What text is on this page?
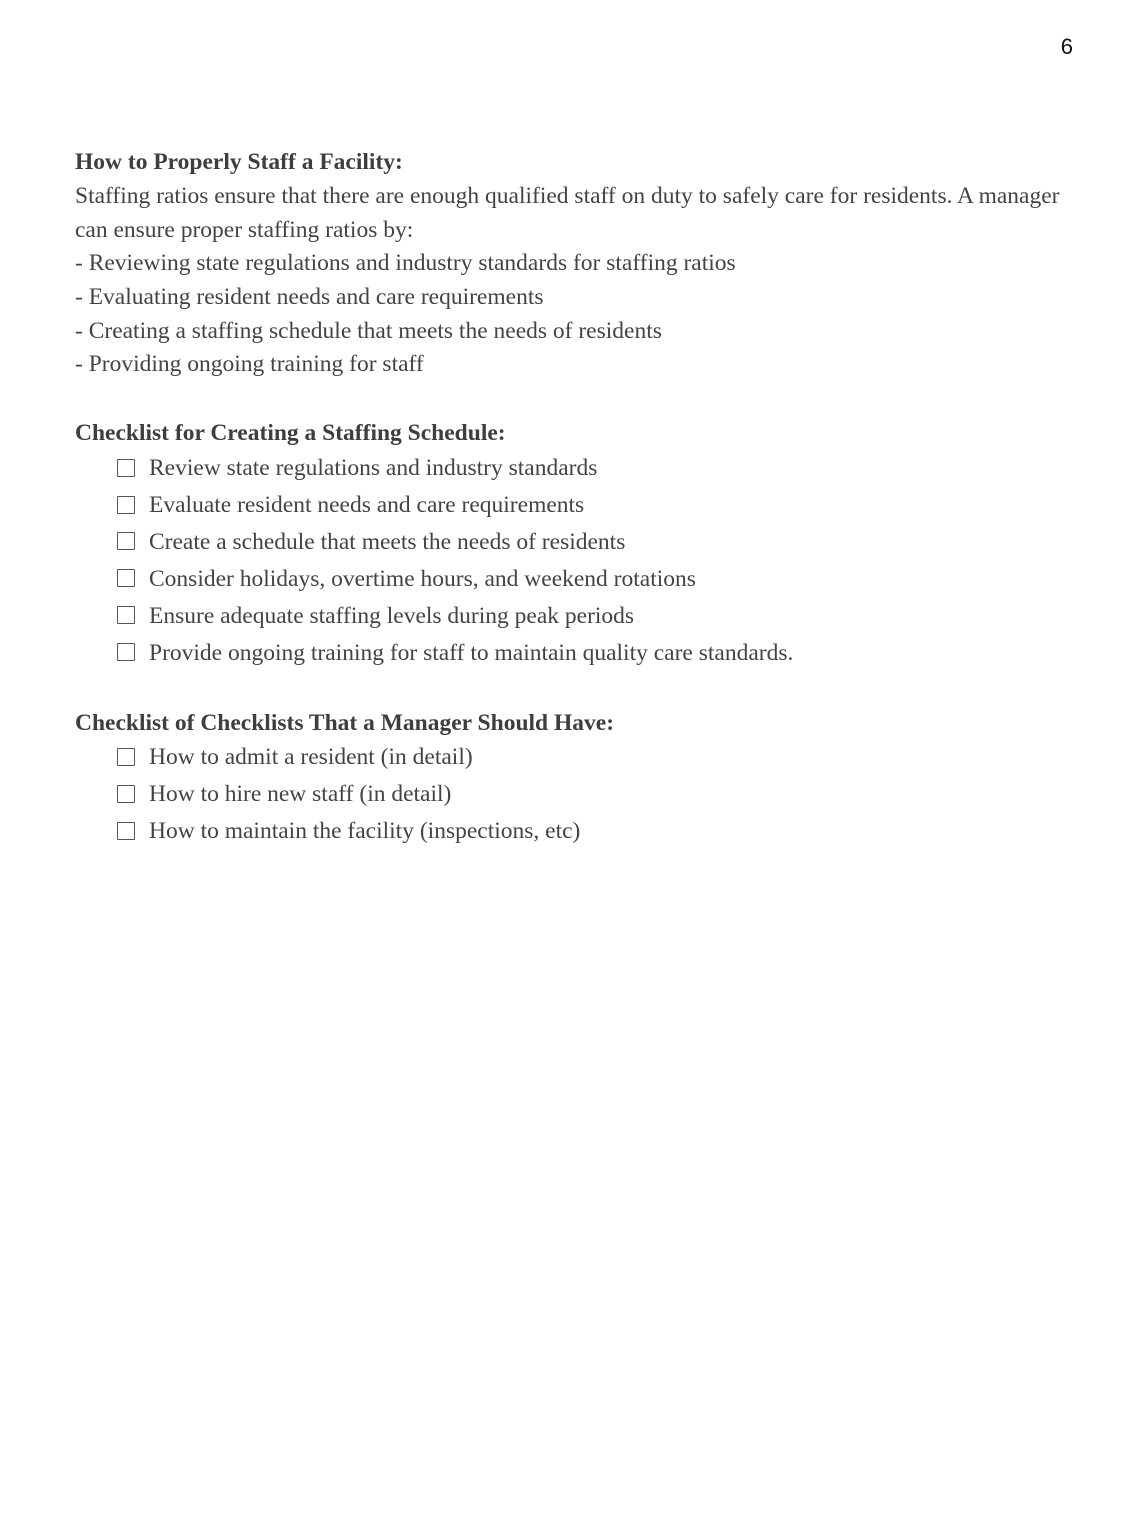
6

How to Properly Staff a Facility:

Staffing ratios ensure that there are enough qualified staff on duty to safely care for residents. A manager can ensure proper staffing ratios by:

- Reviewing state regulations and industry standards for staffing ratios
- Evaluating resident needs and care requirements
- Creating a staffing schedule that meets the needs of residents
- Providing ongoing training for staff

Checklist for Creating a Staffing Schedule:

Review state regulations and industry standards
Evaluate resident needs and care requirements
Create a schedule that meets the needs of residents
Consider holidays, overtime hours, and weekend rotations
Ensure adequate staffing levels during peak periods
Provide ongoing training for staff to maintain quality care standards.

Checklist of Checklists That a Manager Should Have:

How to admit a resident (in detail)
How to hire new staff (in detail)
How to maintain the facility (inspections, etc)
